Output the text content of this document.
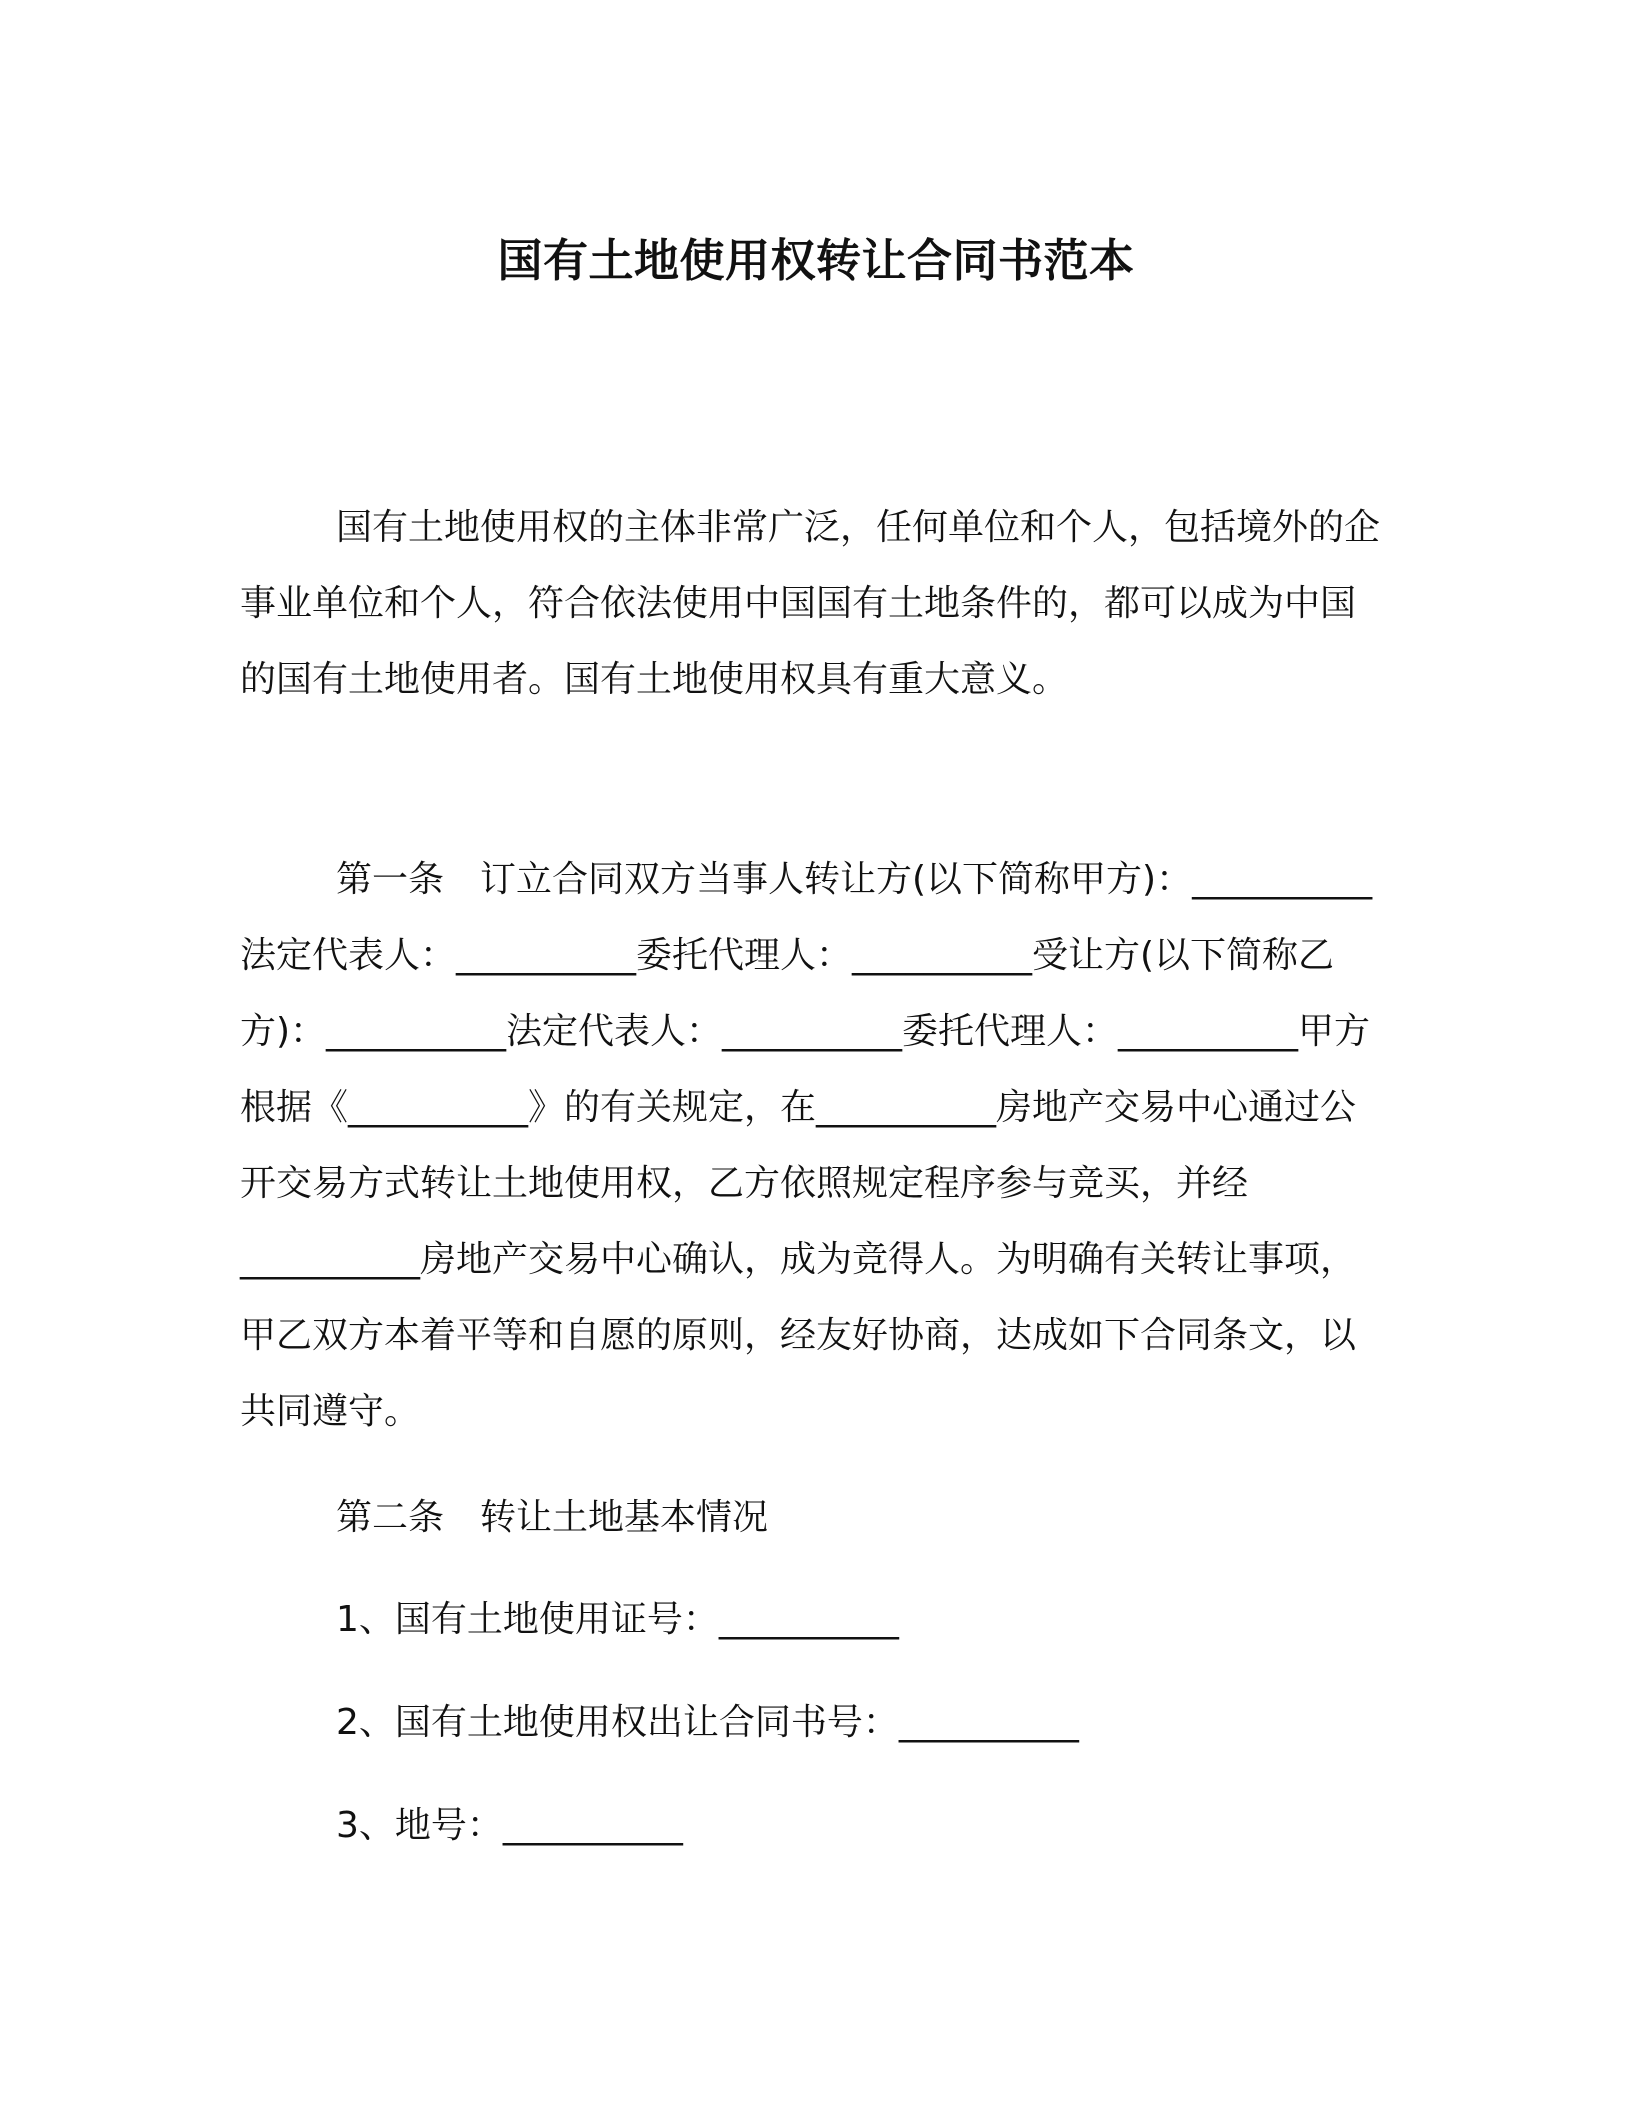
国有土地使用权转让合同书范本

国有土地使用权的主体非常广泛，任何单位和个人，包括境外的企事业单位和个人，符合依法使用中国国有土地条件的，都可以成为中国的国有土地使用者。国有土地使用权具有重大意义。

第一条　订立合同双方当事人转让方(以下简称甲方)：__________法定代表人：__________委托代理人：__________受让方(以下简称乙方)：__________法定代表人：__________委托代理人：__________甲方根据《__________》的有关规定，在__________房地产交易中心通过公开交易方式转让土地使用权，乙方依照规定程序参与竞买，并经__________房地产交易中心确认，成为竞得人。为明确有关转让事项，甲乙双方本着平等和自愿的原则，经友好协商，达成如下合同条文，以共同遵守。

第二条　转让土地基本情况

1、国有土地使用证号：__________

2、国有土地使用权出让合同书号：__________

3、地号：__________
